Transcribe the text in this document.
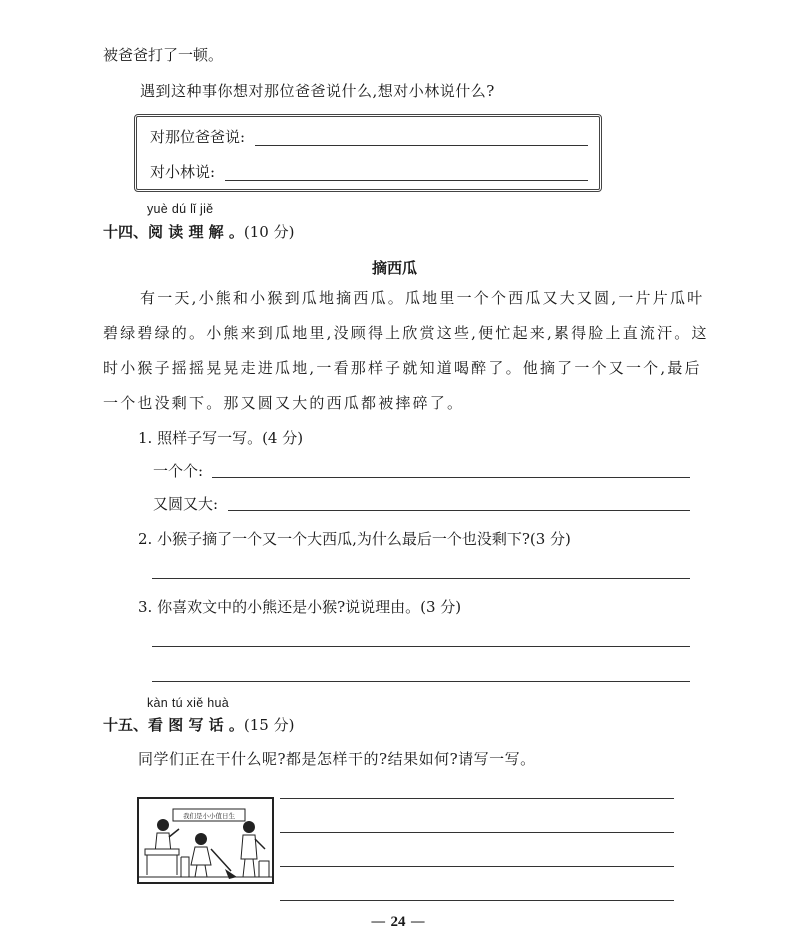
被爸爸打了一顿。
遇到这种事你想对那位爸爸说什么,想对小林说什么?
对那位爸爸说:
对小林说:
yuè dú lǐ jiě
十四、阅 读 理 解 。(10 分)
摘西瓜
有一天,小熊和小猴到瓜地摘西瓜。瓜地里一个个西瓜又大又圆,一片片瓜叶
碧绿碧绿的。小熊来到瓜地里,没顾得上欣赏这些,便忙起来,累得脸上直流汗。这
时小猴子摇摇晃晃走进瓜地,一看那样子就知道喝醉了。他摘了一个又一个,最后
一个也没剩下。那又圆又大的西瓜都被摔碎了。
1. 照样子写一写。(4 分)
一个个:
又圆又大:
2. 小猴子摘了一个又一个大西瓜,为什么最后一个也没剩下?(3 分)
3. 你喜欢文中的小熊还是小猴?说说理由。(3 分)
kàn tú xiě huà
十五、看 图 写 话 。(15 分)
同学们正在干什么呢?都是怎样干的?结果如何?请写一写。
我们是小小值日生
— 24 —
